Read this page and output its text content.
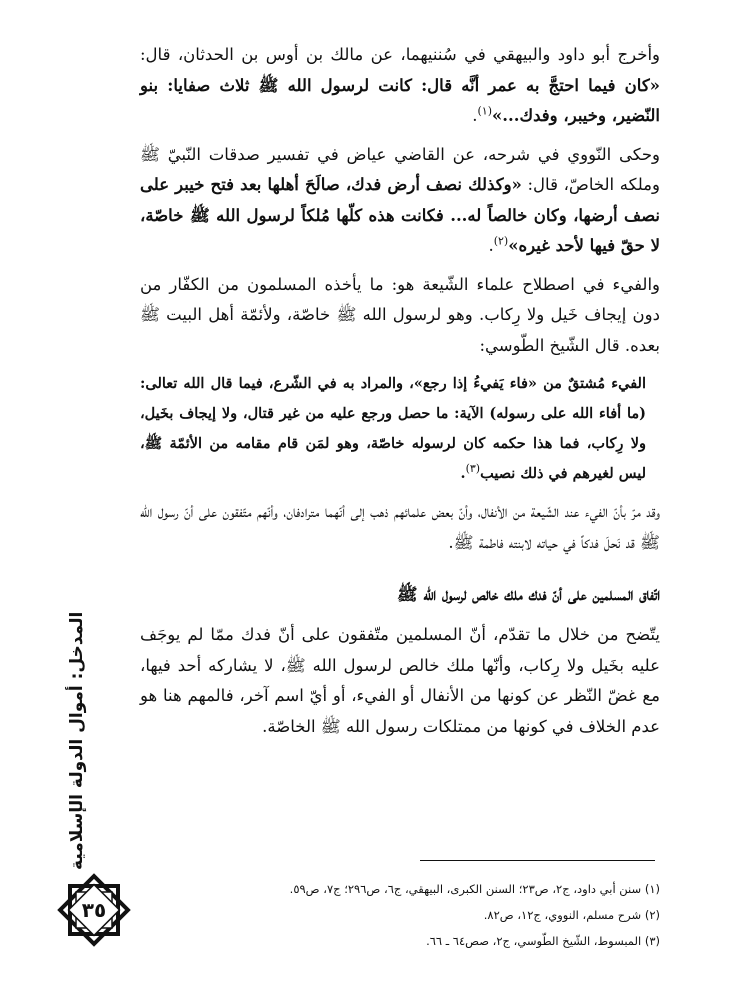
وأخرج أبو داود والبيهقي في سُننيهما، عن مالك بن أوس بن الحدثان، قال: «كان فيما احتجَّ به عمر أنَّه قال: كانت لرسول الله ﷺ ثلاث صفايا: بنو النّضير، وخيبر، وفدك...»$^{(١)}$.

وحكى النّووي في شرحه، عن القاضي عياض في تفسير صدقات النّبيّ ﷺ وملكه الخاصّ، قال: «وكذلك نصف أرض فدك، صالَحَ أهلها بعد فتح خيبر على نصف أرضها، وكان خالصاً له... فكانت هذه كلّها مُلكاً لرسول الله ﷺ خاصّة، لا حقّ فيها لأحد غيره»$^{(٢)}$.

والفيء في اصطلاح علماء الشّيعة هو: ما يأخذه المسلمون من الكفّار من دون إيجاف خَيل ولا رِكاب. وهو لرسول الله ﷺ خاصّة، ولأئمّة أهل البيت ﷺ بعده. قال الشّيخ الطّوسي:

الفيء مُشتقٌ من «فاء يَفيءُ إذا رجع»، والمراد به في الشّرع، فيما قال الله تعالى: (ما أفاء الله على رسوله) الآية: ما حصل ورجع عليه من غير قتال، ولا إيجاف بخَيل، ولا رِكاب، فما هذا حكمه كان لرسوله خاصّة، وهو لمَن قام مقامه من الأئمّة ﷺ، ليس لغيرهم في ذلك نصيب$^{(٣)}$.

وقد مرّ بأنّ الفيء عند الشّيعة من الأنفال، وأنّ بعض علمائهم ذهب إلى أنّهما مترادفان، وأنّهم متّفقون على أنّ رسول الله ﷺ قد نَحلَ فدكاً في حياته لابنته فاطمة ﷺ.

اتّفاق المسلمين على أنّ فدك ملك خالص لرسول الله ﷺ

يتّضح من خلال ما تقدّم، أنّ المسلمين متّفقون على أنّ فدك ممّا لم يوجَف عليه بخَيل ولا رِكاب، وأنّها ملك خالص لرسول الله ﷺ، لا يشاركه أحد فيها، مع غضّ النّظر عن كونها من الأنفال أو الفيء، أو أيّ اسم آخر، فالمهم هنا هو عدم الخلاف في كونها من ممتلكات رسول الله ﷺ الخاصّة.

(١) سنن أبي داود، ج٢، ص٢٣؛ السنن الكبرى، البيهقي، ج٦، ص٢٩٦؛ ج٧، ص٥٩.
(٢) شرح مسلم، النووي، ج١٢، ص٨٢.
(٣) المبسوط، الشّيخ الطّوسي، ج٢، صص٦٤ ـ ٦٦.
المدخل: أموال الدولة الإسلامية
٣٥
